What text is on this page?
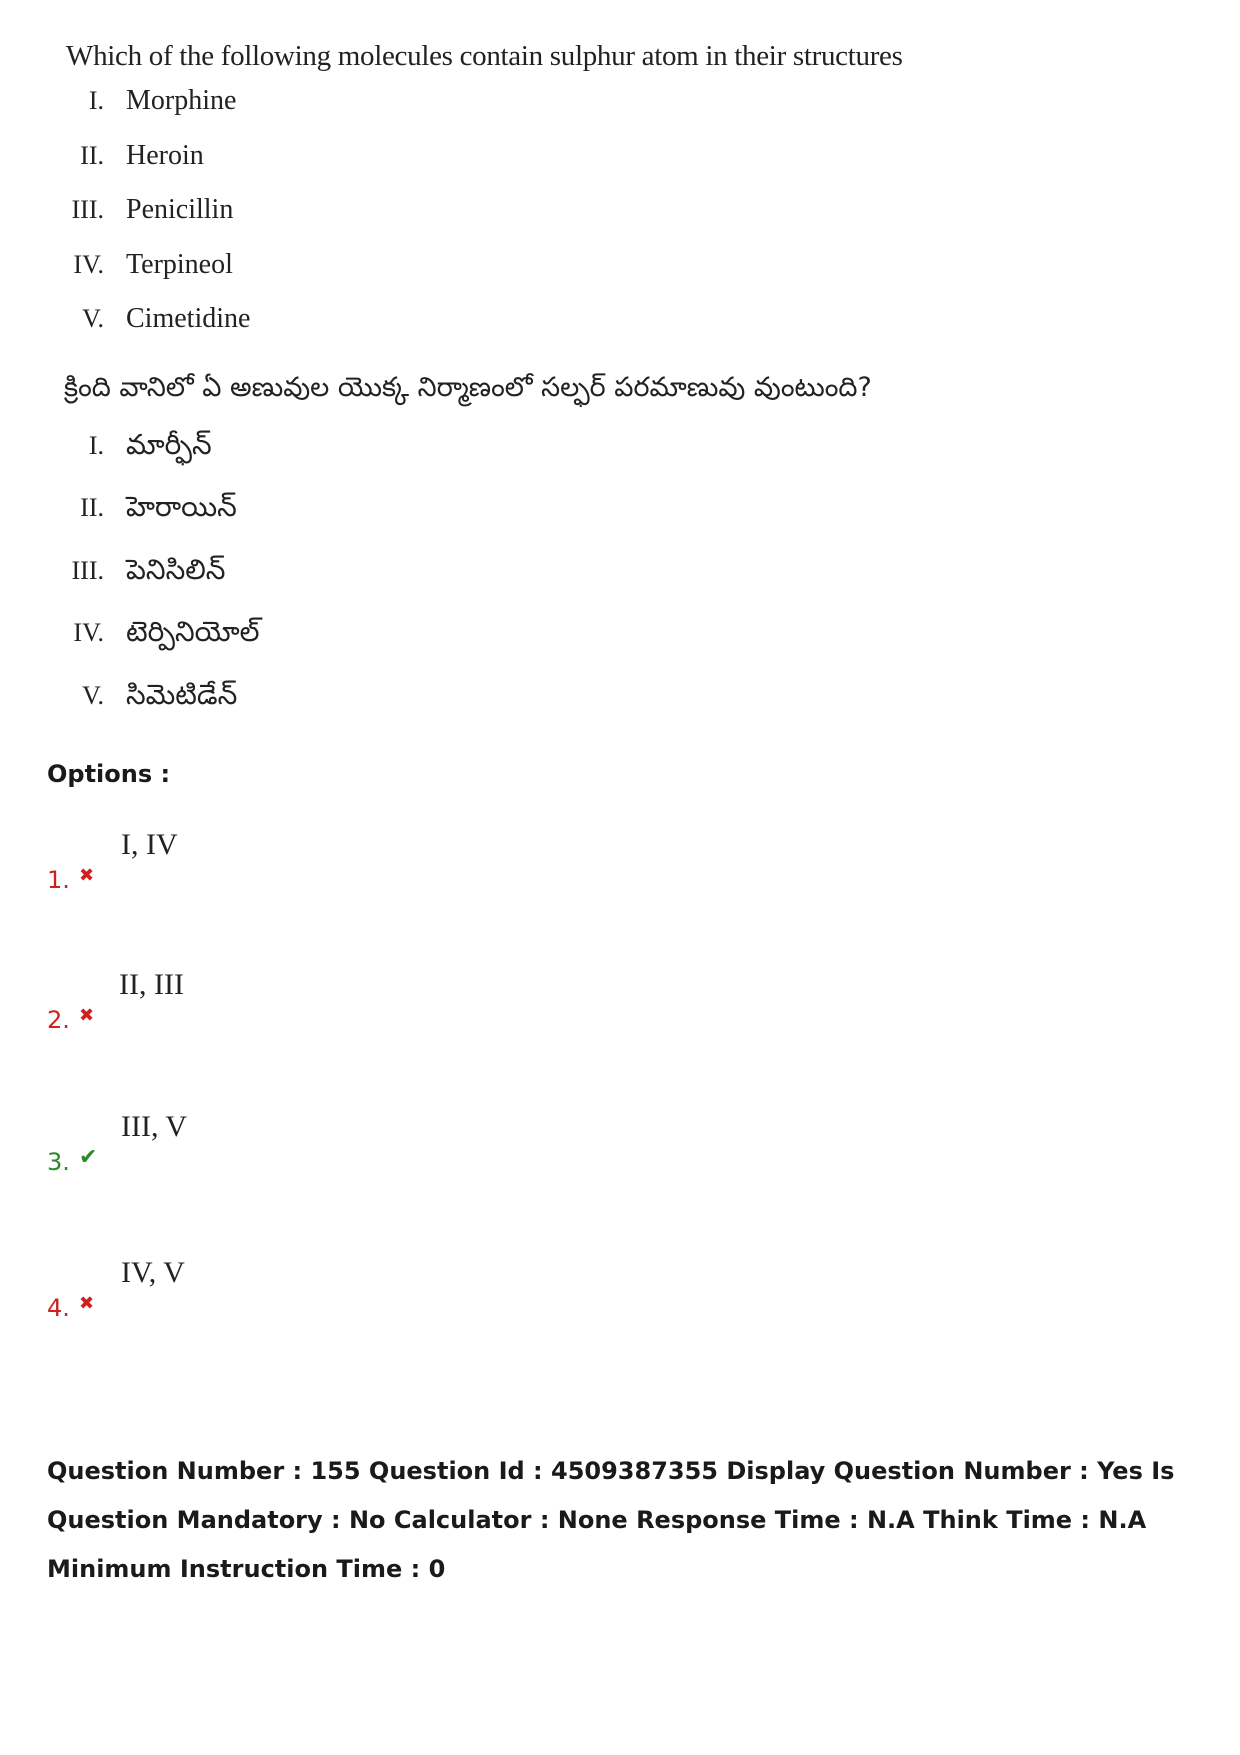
Which of the following molecules contain sulphur atom in their structures
I. Morphine
II. Heroin
III. Penicillin
IV. Terpineol
V. Cimetidine
క్రింది వానిలో ఏ అణువుల యొక్క నిర్మాణంలో సల్ఫర్ పరమాణువు వుంటుంది?
I. మార్ఫీన్
II. హెరాయిన్
III. పెనిసిలిన్
IV. టెర్పినియోల్
V. సిమెటిడేన్
Options :
I, IV
1. ✖
II, III
2. ✖
III, V
3. ✔
IV, V
4. ✖
Question Number : 155 Question Id : 4509387355 Display Question Number : Yes Is Question Mandatory : No Calculator : None Response Time : N.A Think Time : N.A Minimum Instruction Time : 0
